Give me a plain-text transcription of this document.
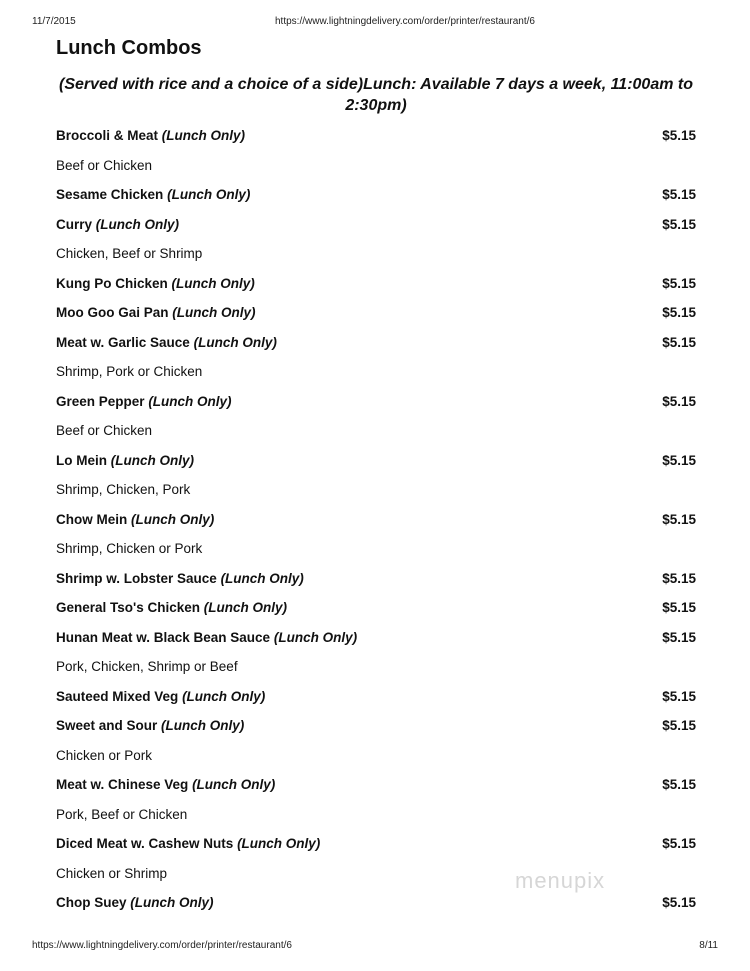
11/7/2015	https://www.lightningdelivery.com/order/printer/restaurant/6
Lunch Combos

(Served with rice and a choice of a side)Lunch: Available 7 days a week, 11:00am to 2:30pm)

Broccoli & Meat (Lunch Only)	$5.15
Beef or Chicken
Sesame Chicken (Lunch Only)	$5.15
Curry (Lunch Only)	$5.15
Chicken, Beef or Shrimp
Kung Po Chicken (Lunch Only)	$5.15
Moo Goo Gai Pan (Lunch Only)	$5.15
Meat w. Garlic Sauce (Lunch Only)	$5.15
Shrimp, Pork or Chicken
Green Pepper (Lunch Only)	$5.15
Beef or Chicken
Lo Mein (Lunch Only)	$5.15
Shrimp, Chicken, Pork
Chow Mein (Lunch Only)	$5.15
Shrimp, Chicken or Pork
Shrimp w. Lobster Sauce (Lunch Only)	$5.15
General Tso's Chicken (Lunch Only)	$5.15
Hunan Meat w. Black Bean Sauce (Lunch Only)	$5.15
Pork, Chicken, Shrimp or Beef
Sauteed Mixed Veg (Lunch Only)	$5.15
Sweet and Sour (Lunch Only)	$5.15
Chicken or Pork
Meat w. Chinese Veg (Lunch Only)	$5.15
Pork, Beef or Chicken
Diced Meat w. Cashew Nuts (Lunch Only)	$5.15
Chicken or Shrimp
Chop Suey (Lunch Only)	$5.15
menupix
https://www.lightningdelivery.com/order/printer/restaurant/6	8/11
